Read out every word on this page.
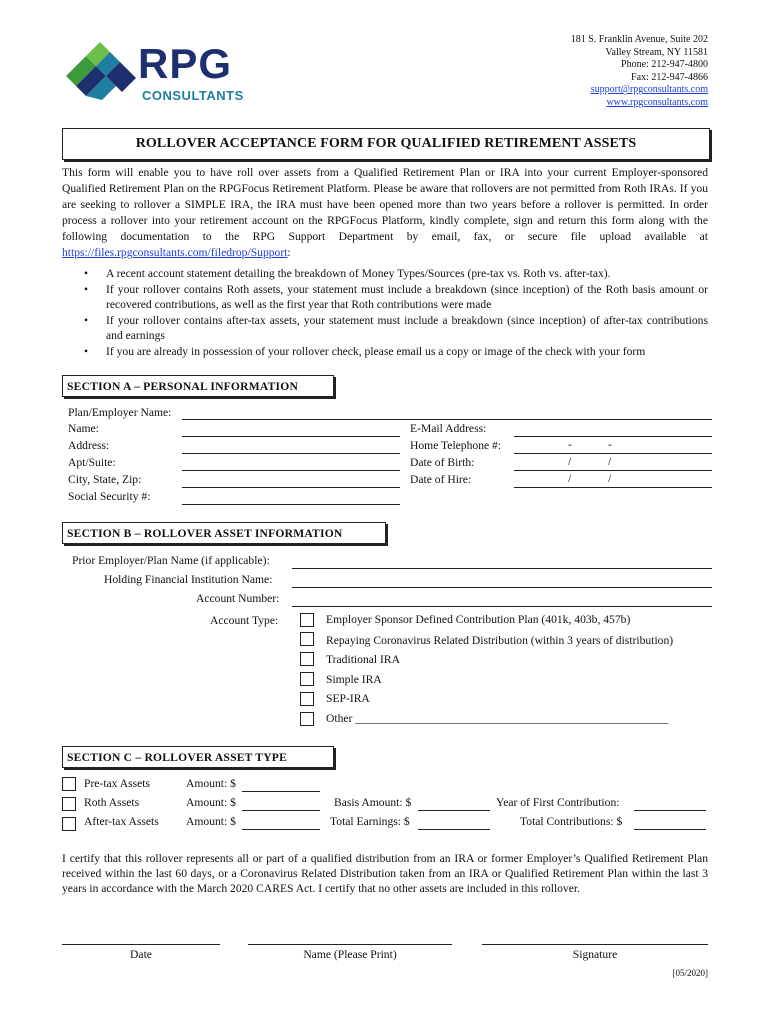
RPG
CONSULTANTS
181 S. Franklin Avenue, Suite 202
Valley Stream, NY 11581
Phone: 212-947-4800
Fax: 212-947-4866
support@rpgconsultants.com
www.rpgconsultants.com
ROLLOVER ACCEPTANCE FORM FOR QUALIFIED RETIREMENT ASSETS
This form will enable you to have roll over assets from a Qualified Retirement Plan or IRA into your current Employer-sponsored Qualified Retirement Plan on the RPGFocus Retirement Platform. Please be aware that rollovers are not permitted from Roth IRAs. If you are seeking to rollover a SIMPLE IRA, the IRA must have been opened more than two years before a rollover is permitted. In order process a rollover into your retirement account on the RPGFocus Platform, kindly complete, sign and return this form along with the following documentation to the RPG Support Department by email, fax, or secure file upload available at https://files.rpgconsultants.com/filedrop/Support:
• A recent account statement detailing the breakdown of Money Types/Sources (pre-tax vs. Roth vs. after-tax).
• If your rollover contains Roth assets, your statement must include a breakdown (since inception) of the Roth basis amount or recovered contributions, as well as the first year that Roth contributions were made
• If your rollover contains after-tax assets, your statement must include a breakdown (since inception) of after-tax contributions and earnings
• If you are already in possession of your rollover check, please email us a copy or image of the check with your form
SECTION A – PERSONAL INFORMATION
Plan/Employer Name:
Name:	E-Mail Address:
Address:	Home Telephone #:	-	-
Apt/Suite:	Date of Birth:	/	/
City, State, Zip:	Date of Hire:	/	/
Social Security #:
SECTION B – ROLLOVER ASSET INFORMATION
Prior Employer/Plan Name (if applicable):
Holding Financial Institution Name:
Account Number:
Account Type:	Employer Sponsor Defined Contribution Plan (401k, 403b, 457b)
Repaying Coronavirus Related Distribution (within 3 years of distribution)
Traditional IRA
Simple IRA
SEP-IRA
Other ______________________________________________________
SECTION C – ROLLOVER ASSET TYPE
Pre-tax Assets	Amount: $
Roth Assets	Amount: $	Basis Amount: $	Year of First Contribution:
After-tax Assets Amount: $	Total Earnings: $	Total Contributions: $
I certify that this rollover represents all or part of a qualified distribution from an IRA or former Employer’s Qualified Retirement Plan received within the last 60 days, or a Coronavirus Related Distribution taken from an IRA or Qualified Retirement Plan within the last 3 years in accordance with the March 2020 CARES Act. I certify that no other assets are included in this rollover.
Date	Name (Please Print)	Signature
[05/2020]
